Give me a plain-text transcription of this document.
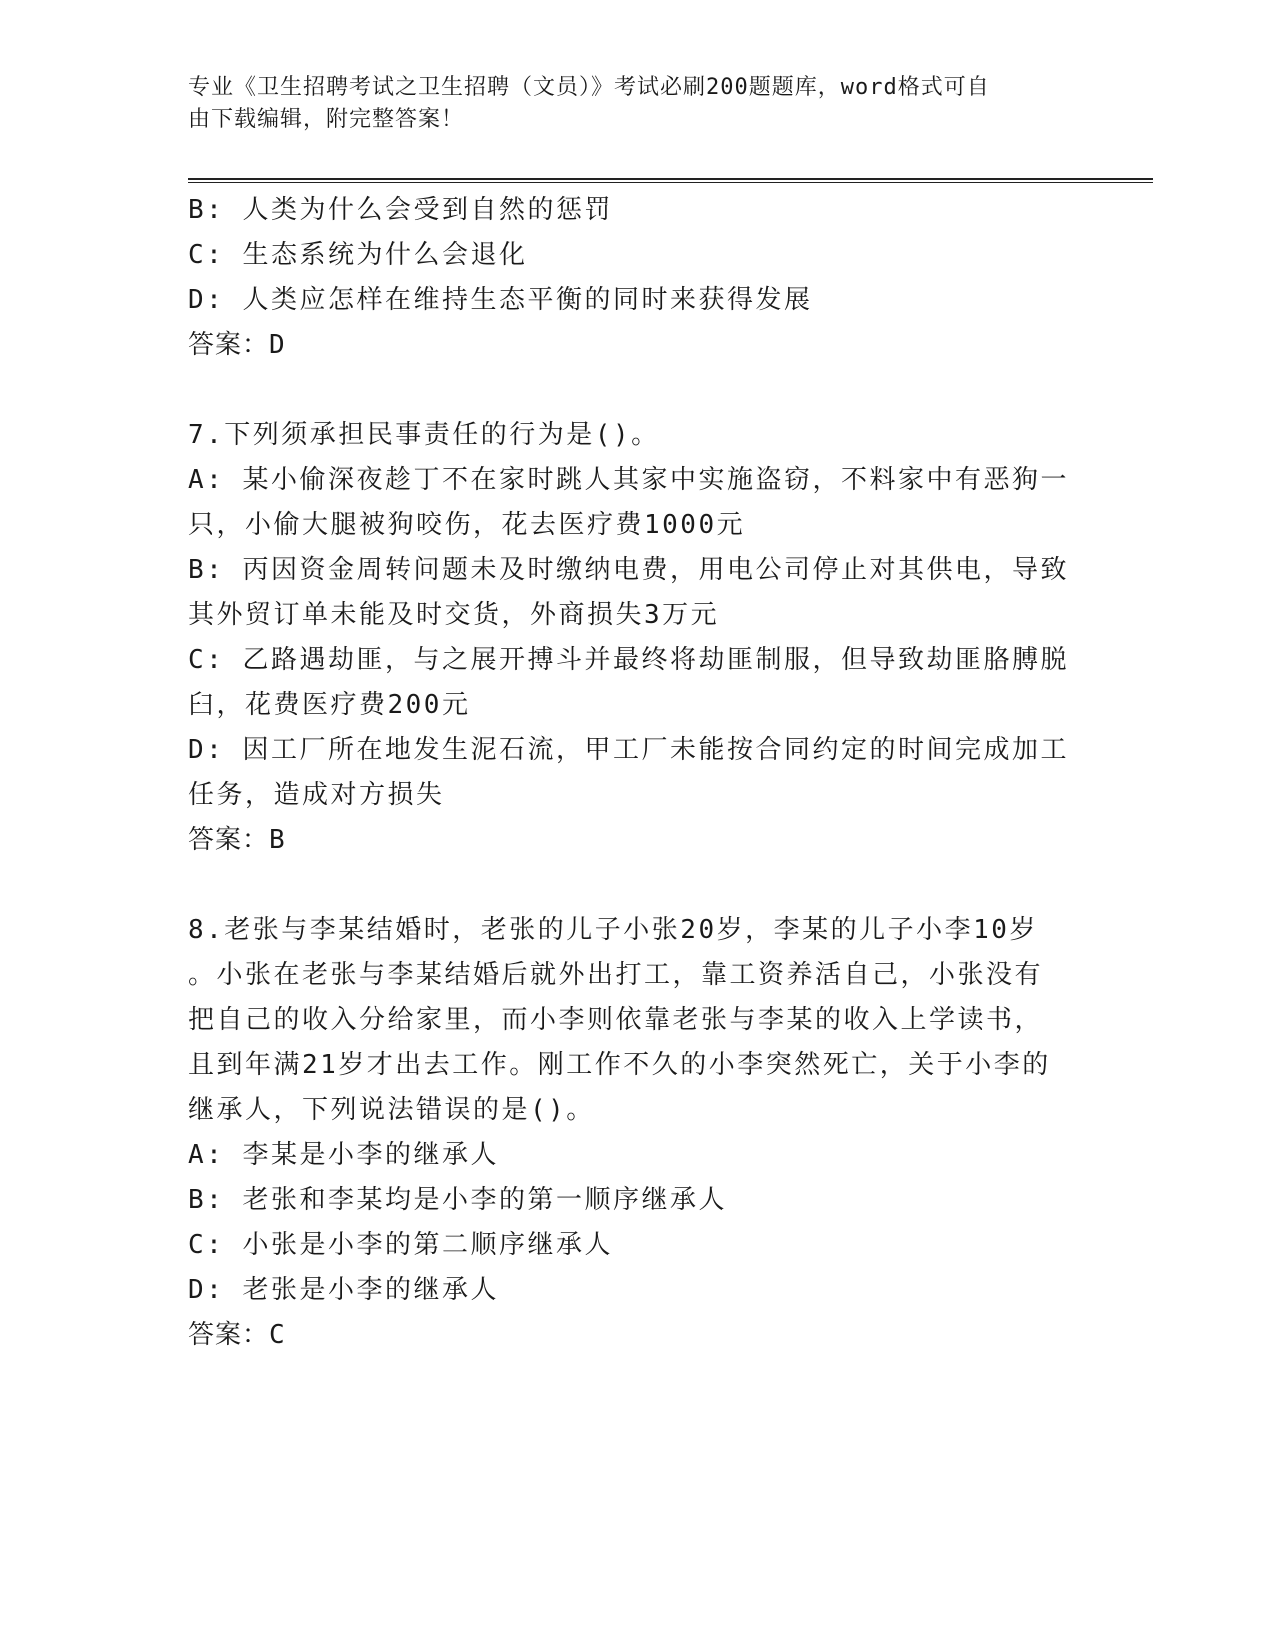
专业《卫生招聘考试之卫生招聘（文员）》考试必刷200题题库，word格式可自
由下载编辑，附完整答案！
B: 人类为什么会受到自然的惩罚
C: 生态系统为什么会退化
D: 人类应怎样在维持生态平衡的同时来获得发展
答案：D
7.下列须承担民事责任的行为是()。
A: 某小偷深夜趁丁不在家时跳人其家中实施盗窃，不料家中有恶狗一
只，小偷大腿被狗咬伤，花去医疗费1000元
B: 丙因资金周转问题未及时缴纳电费，用电公司停止对其供电，导致
其外贸订单未能及时交货，外商损失3万元
C: 乙路遇劫匪，与之展开搏斗并最终将劫匪制服，但导致劫匪胳膊脱
臼，花费医疗费200元
D: 因工厂所在地发生泥石流，甲工厂未能按合同约定的时间完成加工
任务，造成对方损失
答案：B
8.老张与李某结婚时，老张的儿子小张20岁，李某的儿子小李10岁
。小张在老张与李某结婚后就外出打工，靠工资养活自己，小张没有
把自己的收入分给家里，而小李则依靠老张与李某的收入上学读书，
且到年满21岁才出去工作。刚工作不久的小李突然死亡，关于小李的
继承人，下列说法错误的是()。
A: 李某是小李的继承人
B: 老张和李某均是小李的第一顺序继承人
C: 小张是小李的第二顺序继承人
D: 老张是小李的继承人
答案：C
